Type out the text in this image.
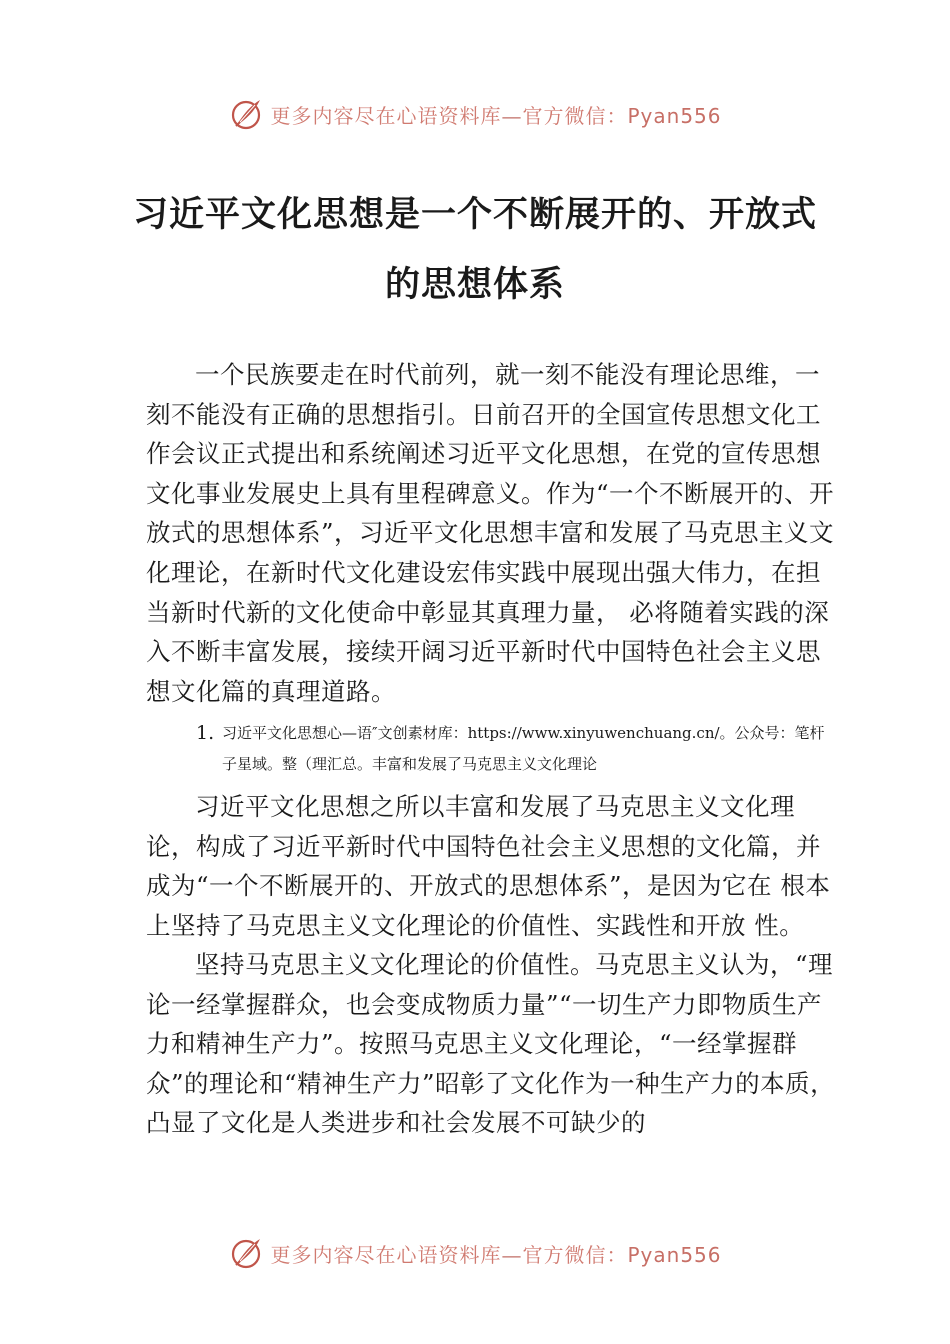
更多内容尽在心语资料库—官方微信：Pyan556
习近平文化思想是一个不断展开的、开放式的思想体系

一个民族要走在时代前列，就一刻不能没有理论思维，一刻不能没有正确的思想指引。日前召开的全国宣传思想文化工作会议正式提出和系统阐述习近平文化思想，在党的宣传思想文化事业发展史上具有里程碑意义。作为“一个不断展开的、开放式的思想体系”，习近平文化思想丰富和发展了马克思主义文化理论，在新时代文化建设宏伟实践中展现出强大伟力，在担当新时代新的文化使命中彰显其真理力量， 必将随着实践的深入不断丰富发展，接续开阔习近平新时代中国特色社会主义思想文化篇的真理道路。

1. 习近平文化思想心—语″文创素材库：https://www.xinyuwenchuang.cn/。公众号：笔杆子星域。整（理汇总。丰富和发展了马克思主义文化理论

习近平文化思想之所以丰富和发展了马克思主义文化理论，构成了习近平新时代中国特色社会主义思想的文化篇，并成为“一个不断展开的、开放式的思想体系”，是因为它在 根本上坚持了马克思主义文化理论的价值性、实践性和开放 性。

坚持马克思主义文化理论的价值性。马克思主义认为，“理论一经掌握群众，也会变成物质力量”“一切生产力即物质生产力和精神生产力”。按照马克思主义文化理论，“一经掌握群众”的理论和“精神生产力”昭彰了文化作为一种生产力的本质，凸显了文化是人类进步和社会发展不可缺少的

更多内容尽在心语资料库—官方微信：Pyan556
